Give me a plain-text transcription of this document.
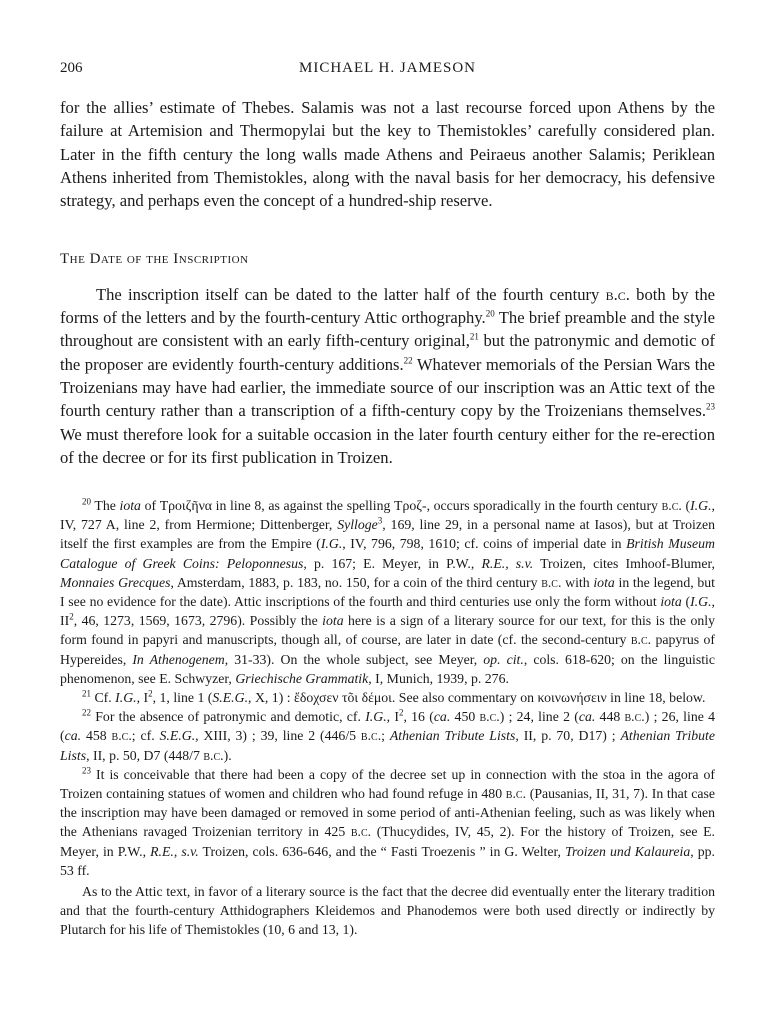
206	MICHAEL H. JAMESON

for the allies’ estimate of Thebes. Salamis was not a last recourse forced upon Athens by the failure at Artemision and Thermopylai but the key to Themistokles’ carefully considered plan. Later in the fifth century the long walls made Athens and Peiraeus another Salamis; Periklean Athens inherited from Themistokles, along with the naval basis for her democracy, his defensive strategy, and perhaps even the concept of a hundred-ship reserve.

The Date of the Inscription

The inscription itself can be dated to the latter half of the fourth century b.c. both by the forms of the letters and by the fourth-century Attic orthography.$^{20}$ The brief preamble and the style throughout are consistent with an early fifth-century original,$^{21}$ but the patronymic and demotic of the proposer are evidently fourth-century additions.$^{22}$ Whatever memorials of the Persian Wars the Troizenians may have had earlier, the immediate source of our inscription was an Attic text of the fourth century rather than a transcription of a fifth-century copy by the Troizenians themselves.$^{23}$ We must therefore look for a suitable occasion in the later fourth century either for the re-erection of the decree or for its first publication in Troizen.

$^{20}$ The iota of Τροιζῆνα in line 8, as against the spelling Τροζ-, occurs sporadically in the fourth century b.c. (I.G., IV, 727 A, line 2, from Hermione; Dittenberger, Sylloge$^3$, 169, line 29, in a personal name at Iasos), but at Troizen itself the first examples are from the Empire (I.G., IV, 796, 798, 1610; cf. coins of imperial date in British Museum Catalogue of Greek Coins: Peloponnesus, p. 167; E. Meyer, in P.W., R.E., s.v. Troizen, cites Imhoof-Blumer, Monnaies Grecques, Amsterdam, 1883, p. 183, no. 150, for a coin of the third century b.c. with iota in the legend, but I see no evidence for the date). Attic inscriptions of the fourth and third centuries use only the form without iota (I.G., $II^2$, 46, 1273, 1569, 1673, 2796). Possibly the iota here is a sign of a literary source for our text, for this is the only form found in papyri and manuscripts, though all, of course, are later in date (cf. the second-century b.c. papyrus of Hypereides, In Athenogenem, 31-33). On the whole subject, see Meyer, op. cit., cols. 618-620; on the linguistic phenomenon, see E. Schwyzer, Griechische Grammatik, I, Munich, 1939, p. 276.

$^{21}$ Cf. I.G., $I^2$, 1, line 1 (S.E.G., X, 1) : ἔδοχσεν τõι δέμοι. See also commentary on κοινωνήσειν in line 18, below.

$^{22}$ For the absence of patronymic and demotic, cf. I.G., $I^2$, 16 (ca. 450 b.c.) ; 24, line 2 (ca. 448 b.c.) ; 26, line 4 (ca. 458 b.c.; cf. S.E.G., XIII, 3) ; 39, line 2 (446/5 b.c.; Athenian Tribute Lists, II, p. 70, D17) ; Athenian Tribute Lists, II, p. 50, D7 (448/7 b.c.).

$^{23}$ It is conceivable that there had been a copy of the decree set up in connection with the stoa in the agora of Troizen containing statues of women and children who had found refuge in 480 b.c. (Pausanias, II, 31, 7). In that case the inscription may have been damaged or removed in some period of anti-Athenian feeling, such as was likely when the Athenians ravaged Troizenian territory in 425 b.c. (Thucydides, IV, 45, 2). For the history of Troizen, see E. Meyer, in P.W., R.E., s.v. Troizen, cols. 636-646, and the “ Fasti Troezenis ” in G. Welter, Troizen und Kalaureia, pp. 53 ff.

As to the Attic text, in favor of a literary source is the fact that the decree did eventually enter the literary tradition and that the fourth-century Atthidographers Kleidemos and Phanodemos were both used directly or indirectly by Plutarch for his life of Themistokles (10, 6 and 13, 1).
